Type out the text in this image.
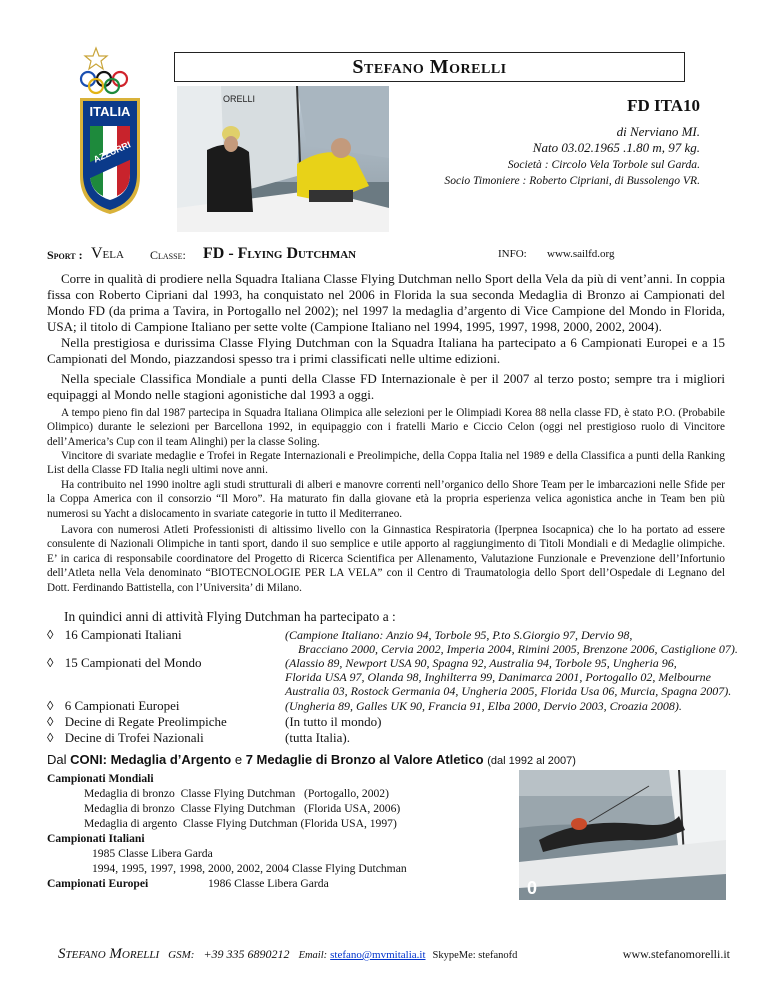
Stefano Morelli
ITALIA
AZZURRI
ORELLI	FD ITA10
di Nerviano MI.
Nato 03.02.1965 .1.80 m, 97 kg.
Società : Circolo Vela Torbole sul Garda.
Socio Timoniere : Roberto Cipriani, di Bussolengo VR.
Sport : Vela Classe: FD - Flying Dutchman	INFO: www.sailfd.org
Corre in qualità di prodiere nella Squadra Italiana Classe Flying Dutchman nello Sport della Vela da più di vent’anni. In coppia fissa con Roberto Cipriani dal 1993, ha conquistato nel 2006 in Florida la sua seconda Medaglia di Bronzo ai Campionati del Mondo FD (da prima a Tavira, in Portogallo nel 2002); nel 1997 la medaglia d’argento di Vice Campione del Mondo in Florida, USA; il titolo di Campione Italiano per sette volte (Campione Italiano nel 1994, 1995, 1997, 1998, 2000, 2002, 2004).
Nella prestigiosa e durissima Classe Flying Dutchman con la Squadra Italiana ha partecipato a 6 Campionati Europei e a 15 Campionati del Mondo, piazzandosi spesso tra i primi classificati nelle ultime edizioni.
Nella speciale Classifica Mondiale a punti della Classe FD Internazionale è per il 2007 al terzo posto; sempre tra i migliori equipaggi al Mondo nelle stagioni agonistiche dal 1993 a oggi.
A tempo pieno fin dal 1987 partecipa in Squadra Italiana Olimpica alle selezioni per le Olimpiadi Korea 88 nella classe FD, è stato P.O. (Probabile Olimpico) durante le selezioni per Barcellona 1992, in equipaggio con i fratelli Mario e Ciccio Celon (oggi nel prestigioso ruolo di Vincitore dell’America’s Cup con il team Alinghi) per la classe Soling.
Vincitore di svariate medaglie e Trofei in Regate Internazionali e Preolimpiche, della Coppa Italia nel 1989 e della Classifica a punti della Ranking List della Classe FD Italia negli ultimi nove anni.
Ha contribuito nel 1990 inoltre agli studi strutturali di alberi e manovre correnti nell’organico dello Shore Team per le imbarcazioni nelle Sfide per la Coppa America con il consorzio “Il Moro”. Ha maturato fin dalla giovane età la propria esperienza velica agonistica anche in Team ben più numerosi su Yacht a dislocamento in svariate categorie in tutto il Mediterraneo.
Lavora con numerosi Atleti Professionisti di altissimo livello con la Ginnastica Respiratoria (Iperpnea Isocapnica) che lo ha portato ad essere consulente di Nazionali Olimpiche in tanti sport, dando il suo semplice e utile apporto al raggiungimento di Titoli Mondiali e di Medaglie olimpiche. E’ in carica di responsabile coordinatore del Progetto di Ricerca Scientifica per Allenamento, Valutazione Funzionale e Prevenzione dell’Infortunio dell’Atleta nella Vela denominato “BIOTECNOLOGIE PER LA VELA” con il Centro di Traumatologia dello Sport dell’Ospedale di Legnano del Dott. Ferdinando Battistella, con l’Universita’ di Milano.
In quindici anni di attività Flying Dutchman ha partecipato a :
◊ 16 Campionati Italiani	(Campione Italiano: Anzio 94, Torbole 95, P.to S.Giorgio 97, Dervio 98,
Bracciano 2000, Cervia 2002, Imperia 2004, Rimini 2005, Brenzone 2006, Castiglione 07).
◊ 15 Campionati del Mondo	(Alassio 89, Newport USA 90, Spagna 92, Australia 94, Torbole 95, Ungheria 96,
Florida USA 97, Olanda 98, Inghilterra 99, Danimarca 2001, Portogallo 02, Melbourne
Australia 03, Rostock Germania 04, Ungheria 2005, Florida Usa 06, Murcia, Spagna 2007).
◊ 6 Campionati Europei	(Ungheria 89, Galles UK 90, Francia 91, Elba 2000, Dervio 2003, Croazia 2008).
◊ Decine di Regate Preolimpiche	(In tutto il mondo)
◊ Decine di Trofei Nazionali	(tutta Italia).
Dal CONI: Medaglia d’Argento e 7 Medaglie di Bronzo al Valore Atletico (dal 1992 al 2007)
Campionati Mondiali
Medaglia di bronzo Classe Flying Dutchman (Portogallo, 2002)
Medaglia di bronzo Classe Flying Dutchman (Florida USA, 2006)
Medaglia di argento Classe Flying Dutchman (Florida USA, 1997)
Campionati Italiani
1985 Classe Libera Garda
1994, 1995, 1997, 1998, 2000, 2002, 2004 Classe Flying Dutchman
Campionati Europei	1986 Classe Libera Garda	0
Stefano Morelli GSM: +39 335 6890212 Email: stefano@mvmitalia.it SkypeMe: stefanofd	www.stefanomorelli.it
